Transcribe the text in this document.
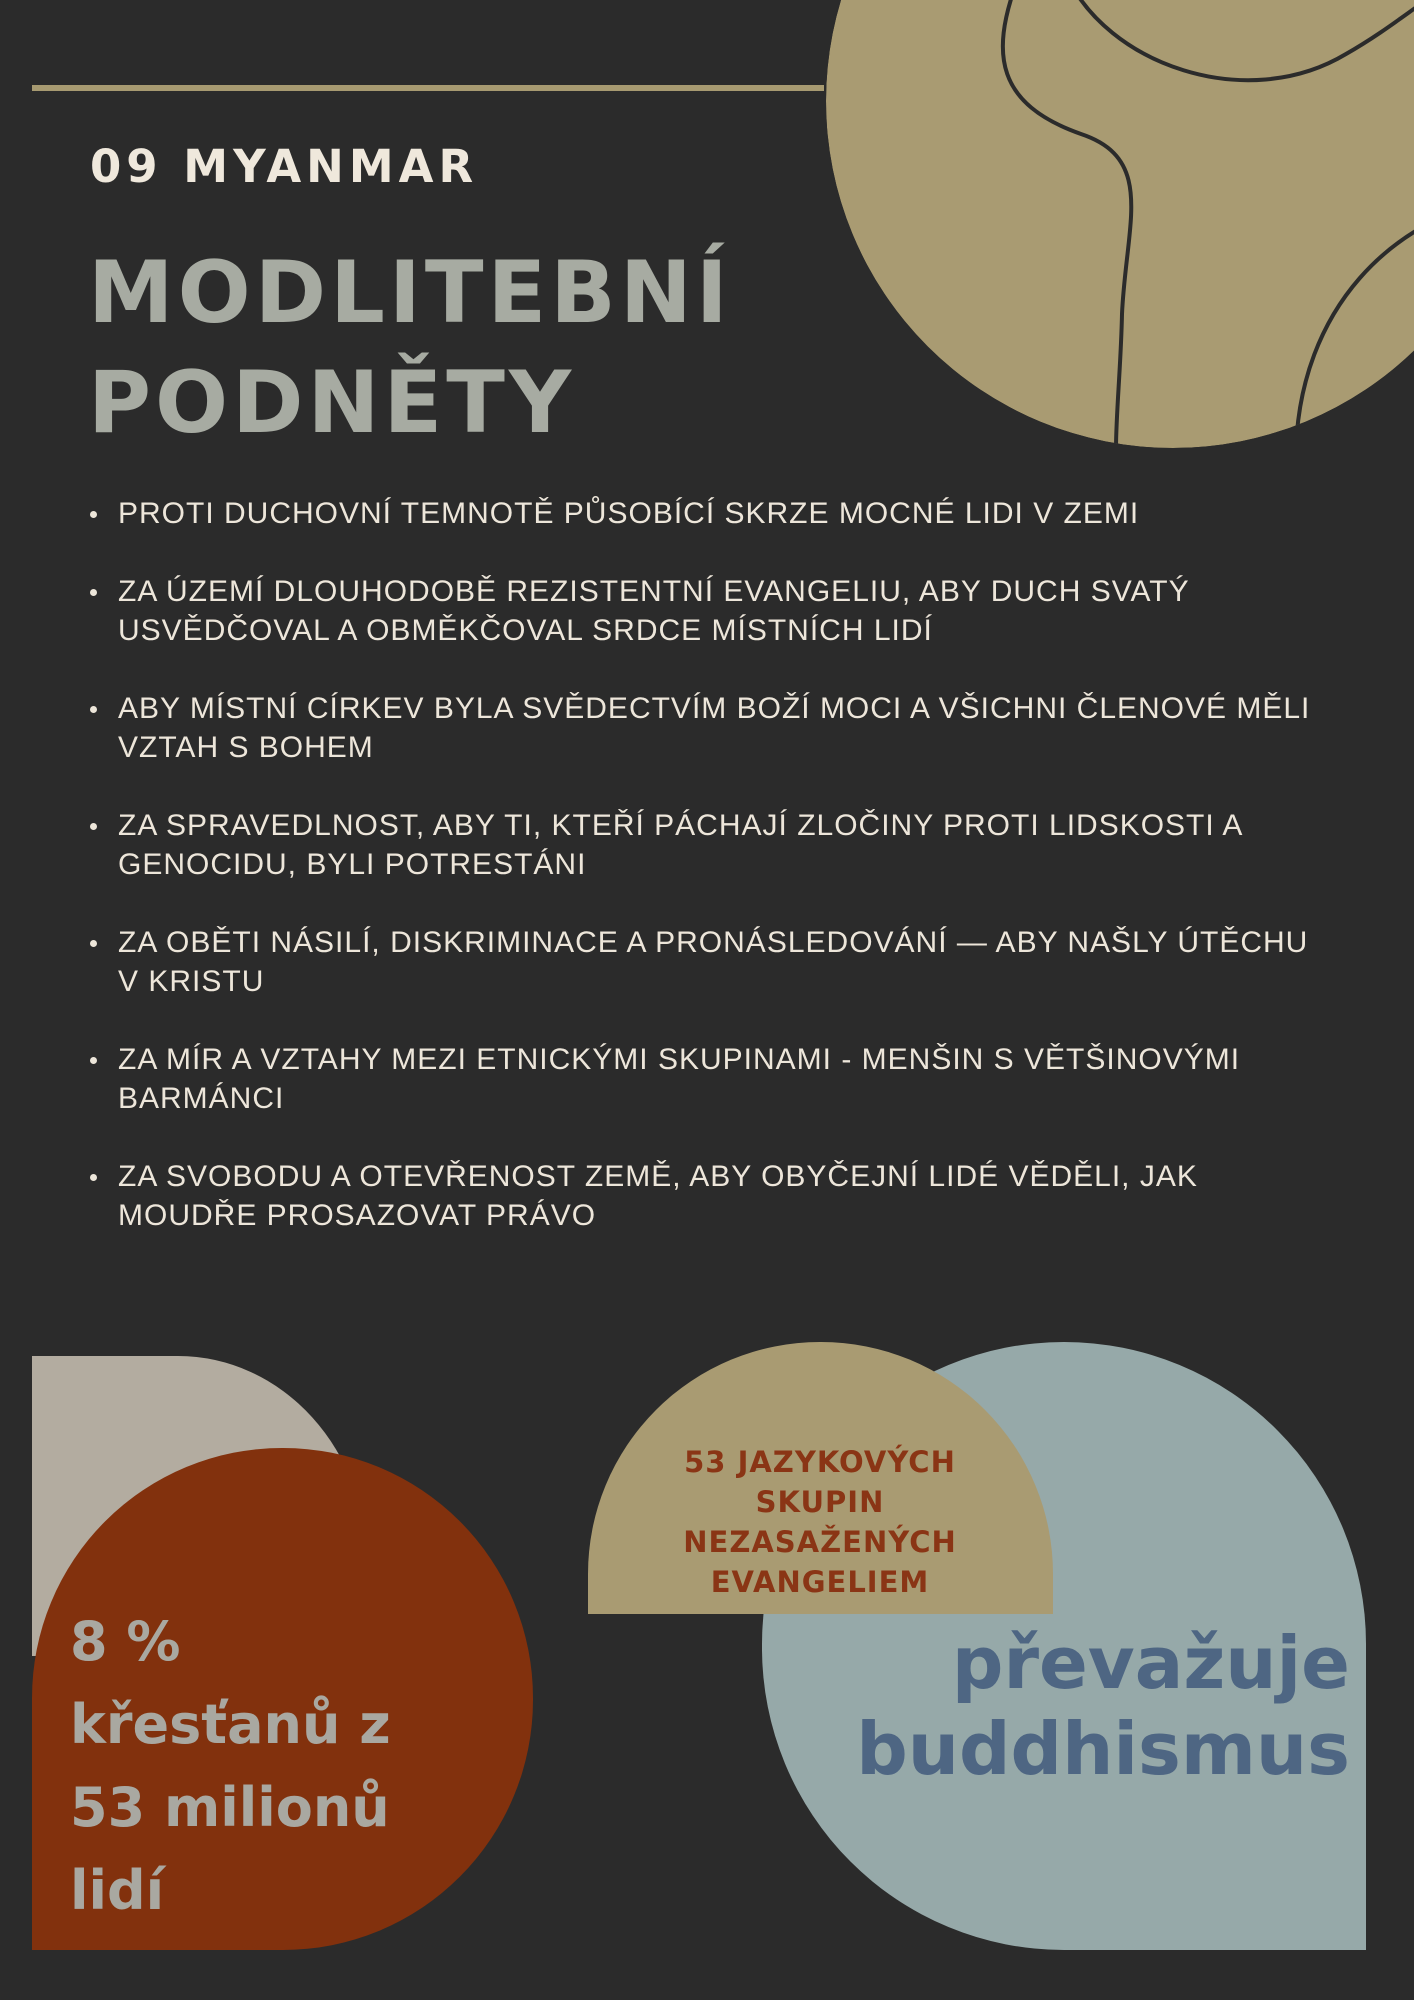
09 MYANMAR
MODLITEBNÍ
PODNĚTY
PROTI DUCHOVNÍ TEMNOTĚ PŮSOBÍCÍ SKRZE MOCNÉ LIDI V ZEMI
ZA ÚZEMÍ DLOUHODOBĚ REZISTENTNÍ EVANGELIU, ABY DUCH SVATÝ USVĚDČOVAL A OBMĚKČOVAL SRDCE MÍSTNÍCH LIDÍ
ABY MÍSTNÍ CÍRKEV BYLA SVĚDECTVÍM BOŽÍ MOCI A VŠICHNI ČLENOVÉ MĚLI VZTAH S BOHEM
ZA SPRAVEDLNOST, ABY TI, KTEŘÍ PÁCHAJÍ ZLOČINY PROTI LIDSKOSTI A GENOCIDU, BYLI POTRESTÁNI
ZA OBĚTI NÁSILÍ, DISKRIMINACE A PRONÁSLEDOVÁNÍ — ABY NAŠLY ÚTĚCHU V KRISTU
ZA MÍR A VZTAHY MEZI ETNICKÝMI SKUPINAMI - MENŠIN S VĚTŠINOVÝMI BARMÁNCI
ZA SVOBODU A OTEVŘENOST ZEMĚ, ABY OBYČEJNÍ LIDÉ VĚDĚLI, JAK MOUDŘE PROSAZOVAT PRÁVO
8 %
křesťanů z
53 milionů
lidí
53 JAZYKOVÝCH
SKUPIN
NEZASAŽENÝCH
EVANGELIEM
převažuje
buddhismus
